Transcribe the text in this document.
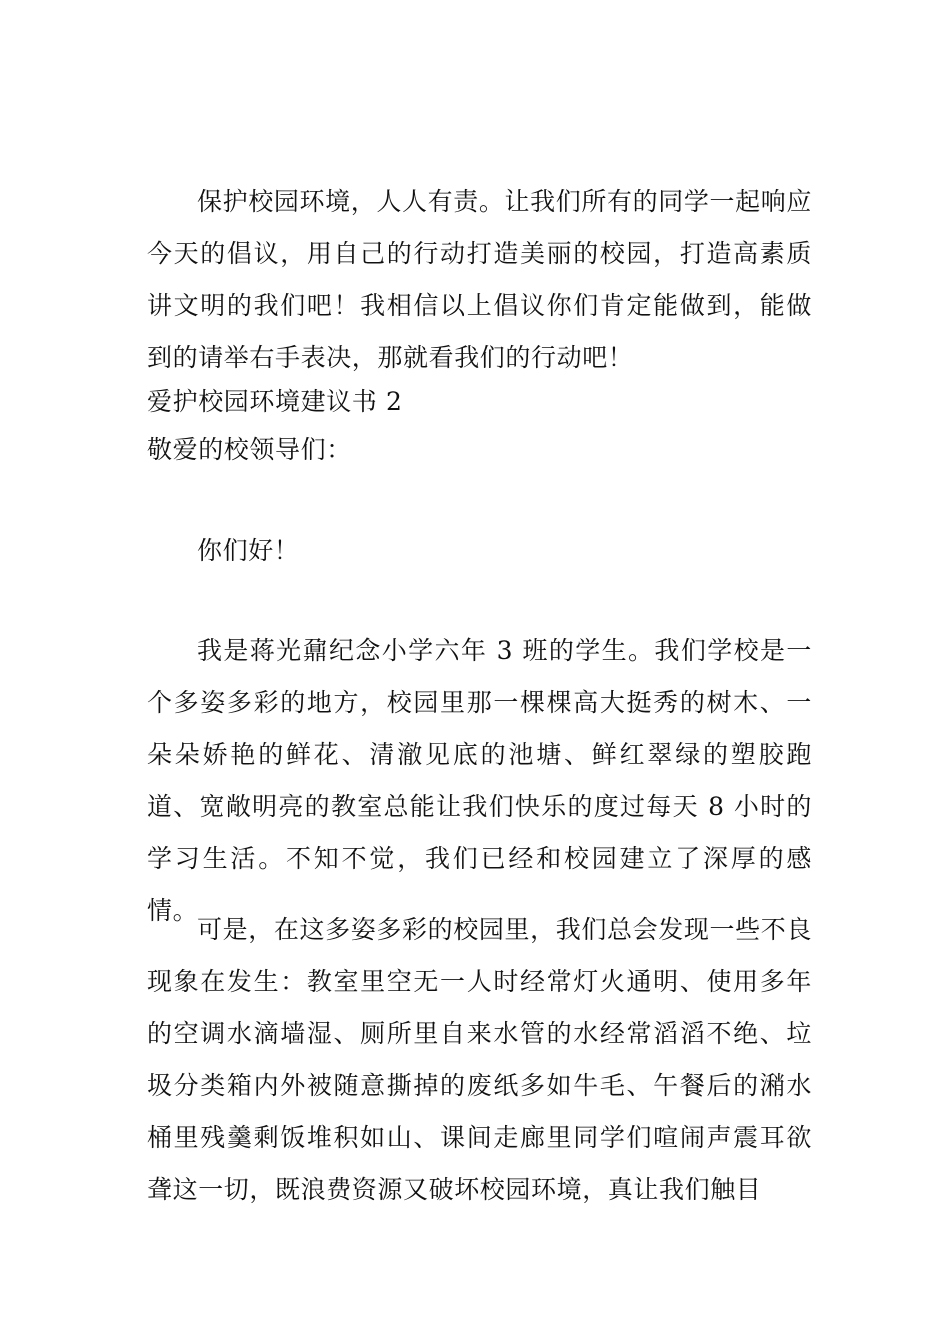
保护校园环境，人人有责。让我们所有的同学一起响应今天的倡议，用自己的行动打造美丽的校园，打造高素质讲文明的我们吧！我相信以上倡议你们肯定能做到，能做到的请举右手表决，那就看我们的行动吧！

爱护校园环境建议书 2

敬爱的校领导们：

你们好！

我是蒋光鼐纪念小学六年 3 班的学生。我们学校是一个多姿多彩的地方，校园里那一棵棵高大挺秀的树木、一朵朵娇艳的鲜花、清澈见底的池塘、鲜红翠绿的塑胶跑道、宽敞明亮的教室总能让我们快乐的度过每天 8 小时的学习生活。不知不觉，我们已经和校园建立了深厚的感情。

可是，在这多姿多彩的校园里，我们总会发现一些不良现象在发生：教室里空无一人时经常灯火通明、使用多年的空调水滴墙湿、厕所里自来水管的水经常滔滔不绝、垃圾分类箱内外被随意撕掉的废纸多如牛毛、午餐后的潲水桶里残羹剩饭堆积如山、课间走廊里同学们喧闹声震耳欲聋这一切，既浪费资源又破坏校园环境，真让我们触目
